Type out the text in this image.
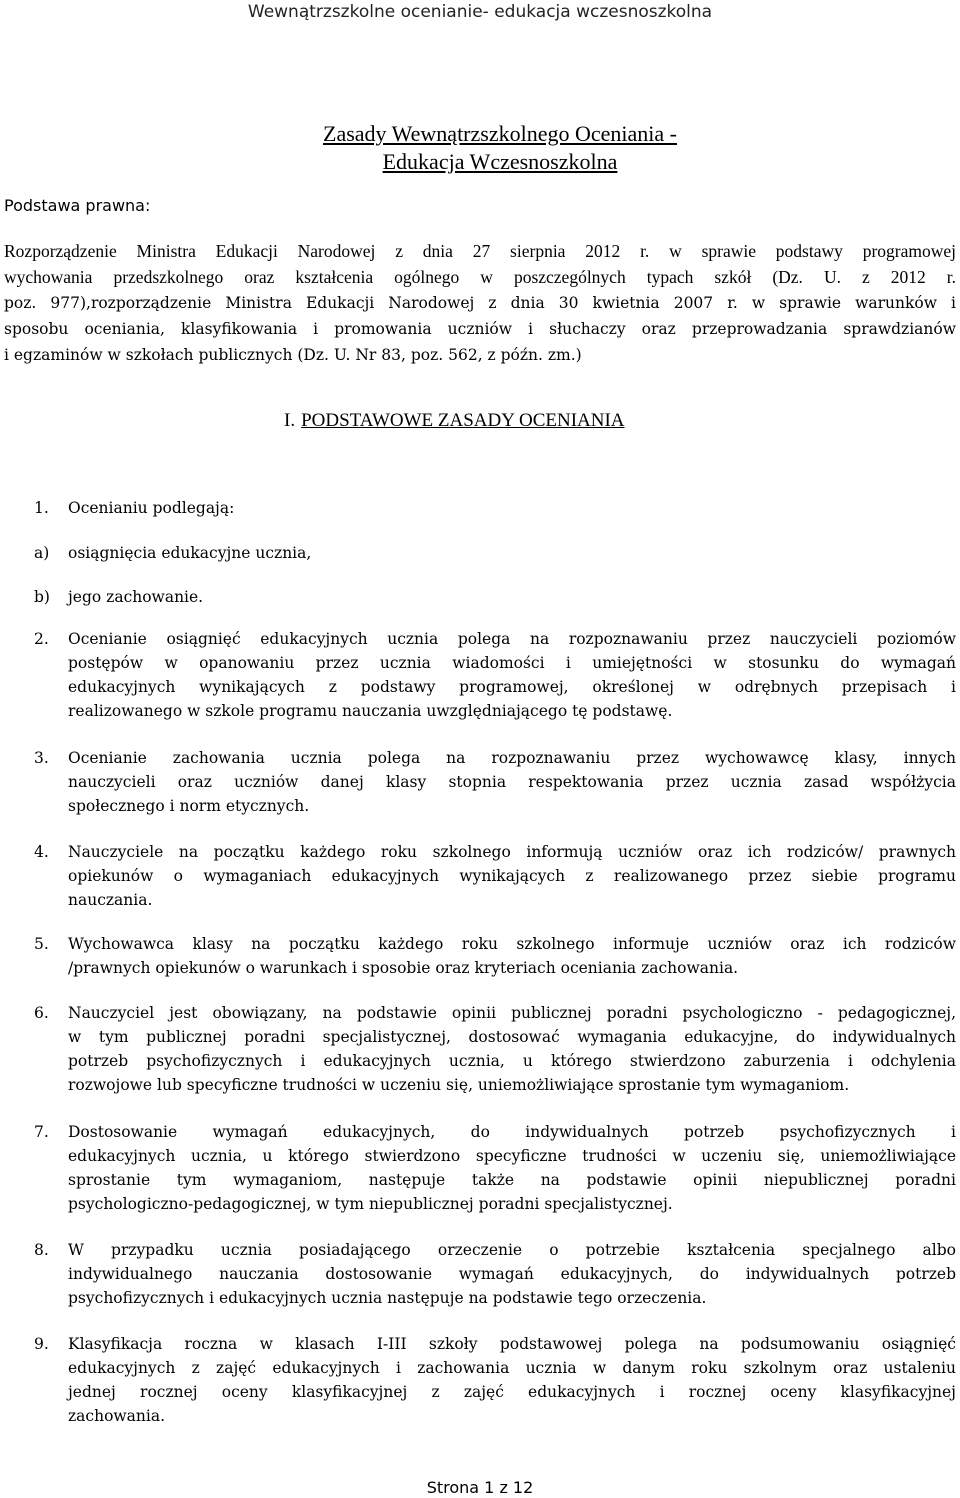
Wewnątrzszkolne ocenianie- edukacja wczesnoszkolna
Zasady Wewnątrzszkolnego Oceniania -
Edukacja Wczesnoszkolna
Podstawa prawna:
Rozporządzenie Ministra Edukacji Narodowej z dnia 27 sierpnia 2012 r. w sprawie podstawy programowej
wychowania przedszkolnego oraz kształcenia ogólnego w poszczególnych typach szkół (Dz. U. z 2012 r.
poz. 977),rozporządzenie Ministra Edukacji Narodowej z dnia 30 kwietnia 2007 r. w sprawie warunków i
sposobu oceniania, klasyfikowania i promowania uczniów i słuchaczy oraz przeprowadzania sprawdzianów
i egzaminów w szkołach publicznych (Dz. U. Nr 83, poz. 562, z późn. zm.)
I. PODSTAWOWE ZASADY OCENIANIA
1. Ocenianiu podlegają:
a) osiągnięcia edukacyjne ucznia,
b) jego zachowanie.
2. Ocenianie osiągnięć edukacyjnych ucznia polega na rozpoznawaniu przez nauczycieli poziomów
postępów w opanowaniu przez ucznia wiadomości i umiejętności w stosunku do wymagań
edukacyjnych wynikających z podstawy programowej, określonej w odrębnych przepisach i
realizowanego w szkole programu nauczania uwzględniającego tę podstawę.
3. Ocenianie zachowania ucznia polega na rozpoznawaniu przez wychowawcę klasy, innych
nauczycieli oraz uczniów danej klasy stopnia respektowania przez ucznia zasad współżycia
społecznego i norm etycznych.
4. Nauczyciele na początku każdego roku szkolnego informują uczniów oraz ich rodziców/ prawnych
opiekunów o wymaganiach edukacyjnych wynikających z realizowanego przez siebie programu
nauczania.
5. Wychowawca klasy na początku każdego roku szkolnego informuje uczniów oraz ich rodziców
/prawnych opiekunów o warunkach i sposobie oraz kryteriach oceniania zachowania.
6. Nauczyciel jest obowiązany, na podstawie opinii publicznej poradni psychologiczno - pedagogicznej,
w tym publicznej poradni specjalistycznej, dostosować wymagania edukacyjne, do indywidualnych
potrzeb psychofizycznych i edukacyjnych ucznia, u którego stwierdzono zaburzenia i odchylenia
rozwojowe lub specyficzne trudności w uczeniu się, uniemożliwiające sprostanie tym wymaganiom.
7. Dostosowanie wymagań edukacyjnych, do indywidualnych potrzeb psychofizycznych i
edukacyjnych ucznia, u którego stwierdzono specyficzne trudności w uczeniu się, uniemożliwiające
sprostanie tym wymaganiom, następuje także na podstawie opinii niepublicznej poradni
psychologiczno-pedagogicznej, w tym niepublicznej poradni specjalistycznej.
8. W przypadku ucznia posiadającego orzeczenie o potrzebie kształcenia specjalnego albo
indywidualnego nauczania dostosowanie wymagań edukacyjnych, do indywidualnych potrzeb
psychofizycznych i edukacyjnych ucznia następuje na podstawie tego orzeczenia.
9. Klasyfikacja roczna w klasach I-III szkoły podstawowej polega na podsumowaniu osiągnięć
edukacyjnych z zajęć edukacyjnych i zachowania ucznia w danym roku szkolnym oraz ustaleniu
jednej rocznej oceny klasyfikacyjnej z zajęć edukacyjnych i rocznej oceny klasyfikacyjnej
zachowania.
Strona 1 z 12
